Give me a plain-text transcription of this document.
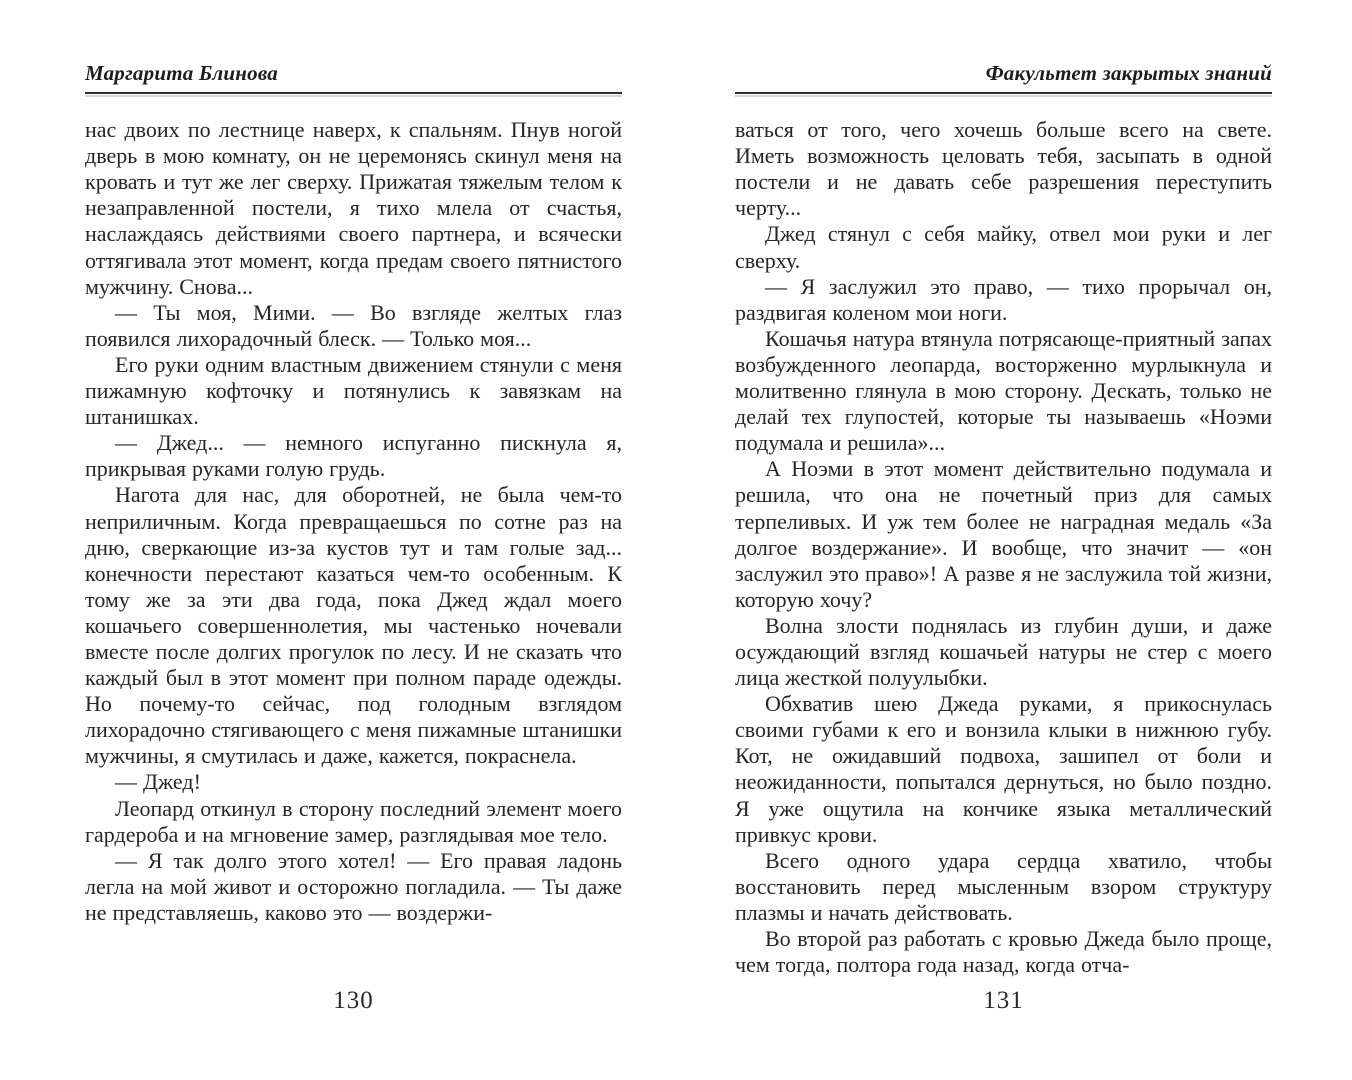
Маргарита Блинова

нас двоих по лестнице наверх, к спальням. Пнув ногой дверь в мою комнату, он не церемонясь скинул меня на кровать и тут же лег сверху. Прижатая тяжелым телом к незаправленной постели, я тихо млела от счастья, наслаждаясь действиями своего партнера, и всячески оттягивала этот момент, когда предам своего пятнистого мужчину. Снова...

— Ты моя, Мими. — Во взгляде желтых глаз появился лихорадочный блеск. — Только моя...

Его руки одним властным движением стянули с меня пижамную кофточку и потянулись к завязкам на штанишках.

— Джед... — немного испуганно пискнула я, прикрывая руками голую грудь.

Нагота для нас, для оборотней, не была чем-то неприличным. Когда превращаешься по сотне раз на дню, сверкающие из-за кустов тут и там голые зад... конечности перестают казаться чем-то особенным. К тому же за эти два года, пока Джед ждал моего кошачьего совершеннолетия, мы частенько ночевали вместе после долгих прогулок по лесу. И не сказать что каждый был в этот момент при полном параде одежды. Но почему-то сейчас, под голодным взглядом лихорадочно стягивающего с меня пижамные штанишки мужчины, я смутилась и даже, кажется, покраснела.

— Джед!

Леопард откинул в сторону последний элемент моего гардероба и на мгновение замер, разглядывая мое тело.

— Я так долго этого хотел! — Его правая ладонь легла на мой живот и осторожно погладила. — Ты даже не представляешь, каково это — воздержи-

130
Факультет закрытых знаний

ваться от того, чего хочешь больше всего на свете. Иметь возможность целовать тебя, засыпать в одной постели и не давать себе разрешения переступить черту...

Джед стянул с себя майку, отвел мои руки и лег сверху.

— Я заслужил это право, — тихо прорычал он, раздвигая коленом мои ноги.

Кошачья натура втянула потрясающе-приятный запах возбужденного леопарда, восторженно мурлыкнула и молитвенно глянула в мою сторону. Дескать, только не делай тех глупостей, которые ты называешь «Ноэми подумала и решила»...

А Ноэми в этот момент действительно подумала и решила, что она не почетный приз для самых терпеливых. И уж тем более не наградная медаль «За долгое воздержание». И вообще, что значит — «он заслужил это право»! А разве я не заслужила той жизни, которую хочу?

Волна злости поднялась из глубин души, и даже осуждающий взгляд кошачьей натуры не стер с моего лица жесткой полуулыбки.

Обхватив шею Джеда руками, я прикоснулась своими губами к его и вонзила клыки в нижнюю губу. Кот, не ожидавший подвоха, зашипел от боли и неожиданности, попытался дернуться, но было поздно. Я уже ощутила на кончике языка металлический привкус крови.

Всего одного удара сердца хватило, чтобы восстановить перед мысленным взором структуру плазмы и начать действовать.

Во второй раз работать с кровью Джеда было проще, чем тогда, полтора года назад, когда отча-

131
